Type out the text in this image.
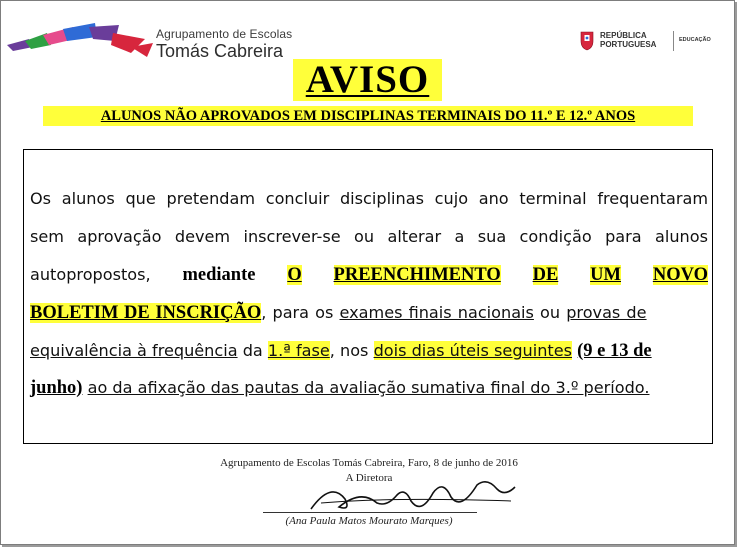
Agrupamento de Escolas
Tomás Cabreira
REPÚBLICA
PORTUGUESA	EDUCAÇÃO
AVISO
ALUNOS NÃO APROVADOS EM DISCIPLINAS TERMINAIS DO 11.º E 12.º ANOS
Os alunos que pretendam concluir disciplinas cujo ano terminal frequentaram
sem aprovação devem inscrever-se ou alterar a sua condição para alunos
autopropostos, mediante O PREENCHIMENTO DE UM NOVO
BOLETIM DE INSCRIÇÃO, para os exames finais nacionais ou provas de
equivalência à frequência da 1.ª fase, nos dois dias úteis seguintes (9 e 13 de
junho) ao da afixação das pautas da avaliação sumativa final do 3.º período.
Agrupamento de Escolas Tomás Cabreira, Faro, 8 de junho de 2016
A Diretora
(Ana Paula Matos Mourato Marques)
